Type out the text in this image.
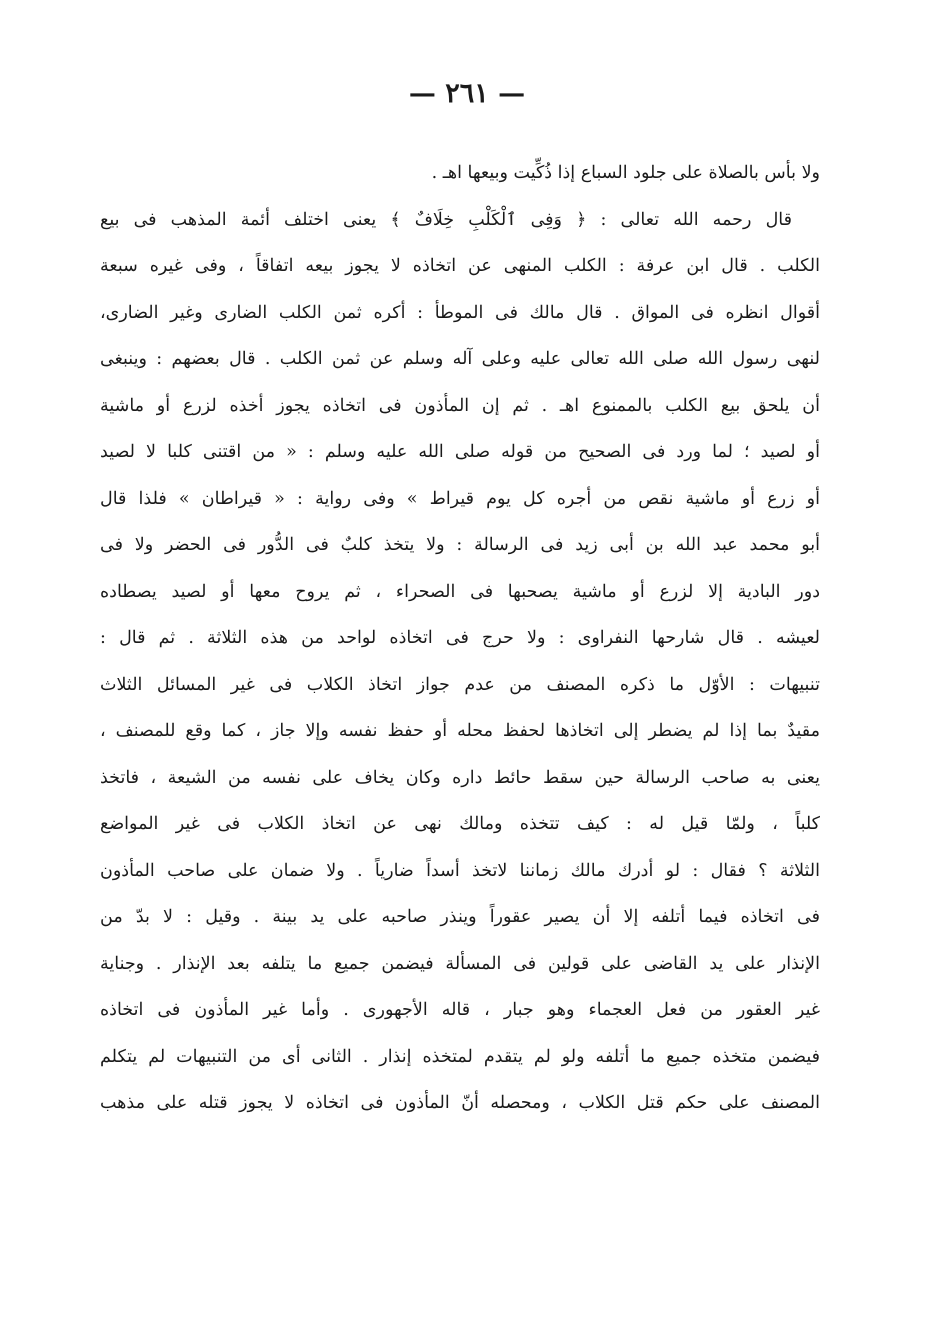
— ٢٦١ —
ولا بأس بالصلاة على جلود السباع إذا ذُكِّيت وبيعها اهـ .
قال رحمه الله تعالى : ﴿ وَفِى ٱلْكَلْبِ خِلَافٌ ﴾ يعنى اختلف أئمة المذهب فى بيع
الكلب . قال ابن عرفة : الكلب المنهى عن اتخاذه لا يجوز بيعه اتفاقاً ، وفى غيره سبعة
أقوال انظره فى المواق . قال مالك فى الموطأ : أكره ثمن الكلب الضارى وغير الضارى،
لنهى رسول الله صلى الله تعالى عليه وعلى آله وسلم عن ثمن الكلب . قال بعضهم : وينبغى
أن يلحق بيع الكلب بالممنوع اهـ . ثم إن المأذون فى اتخاذه يجوز أخذه لزرع أو ماشية
أو لصيد ؛ لما ورد فى الصحيح من قوله صلى الله عليه وسلم : « من اقتنى كلبا لا لصيد
أو زرع أو ماشية نقص من أجره كل يوم قيراط » وفى رواية : « قيراطان » فلذا قال
أبو محمد عبد الله بن أبى زيد فى الرسالة : ولا يتخذ كلبٌ فى الدُّور فى الحضر ولا فى
دور البادية إلا لزرع أو ماشية يصحبها فى الصحراء ، ثم يروح معها أو لصيد يصطاده
لعيشه . قال شارحها النفراوى : ولا حرج فى اتخاذه لواحد من هذه الثلاثة . ثم قال :
تنبيهات : الأوّل ما ذكره المصنف من عدم جواز اتخاذ الكلاب فى غير المسائل الثلاث
مقيدٌ بما إذا لم يضطر إلى اتخاذها لحفظ محله أو حفظ نفسه وإلا جاز ، كما وقع للمصنف ،
يعنى به صاحب الرسالة حين سقط حائط داره وكان يخاف على نفسه من الشيعة ، فاتخذ
كلباً ، ولمّا قيل له : كيف تتخذه ومالك نهى عن اتخاذ الكلاب فى غير المواضع
الثلاثة ؟ فقال : لو أدرك مالك زماننا لاتخذ أسداً ضارياً . ولا ضمان على صاحب المأذون
فى اتخاذه فيما أتلفه إلا أن يصير عقوراً وينذر صاحبه على يد بينة . وقيل : لا بدّ من
الإنذار على يد القاضى على قولين فى المسألة فيضمن جميع ما يتلفه بعد الإنذار . وجناية
غير العقور من فعل العجماء وهو جبار ، قاله الأجهورى . وأما غير المأذون فى اتخاذه
فيضمن متخذه جميع ما أتلفه ولو لم يتقدم لمتخذه إنذار . الثانى أى من التنبيهات لم يتكلم
المصنف على حكم قتل الكلاب ، ومحصله أنّ المأذون فى اتخاذه لا يجوز قتله على مذهب
